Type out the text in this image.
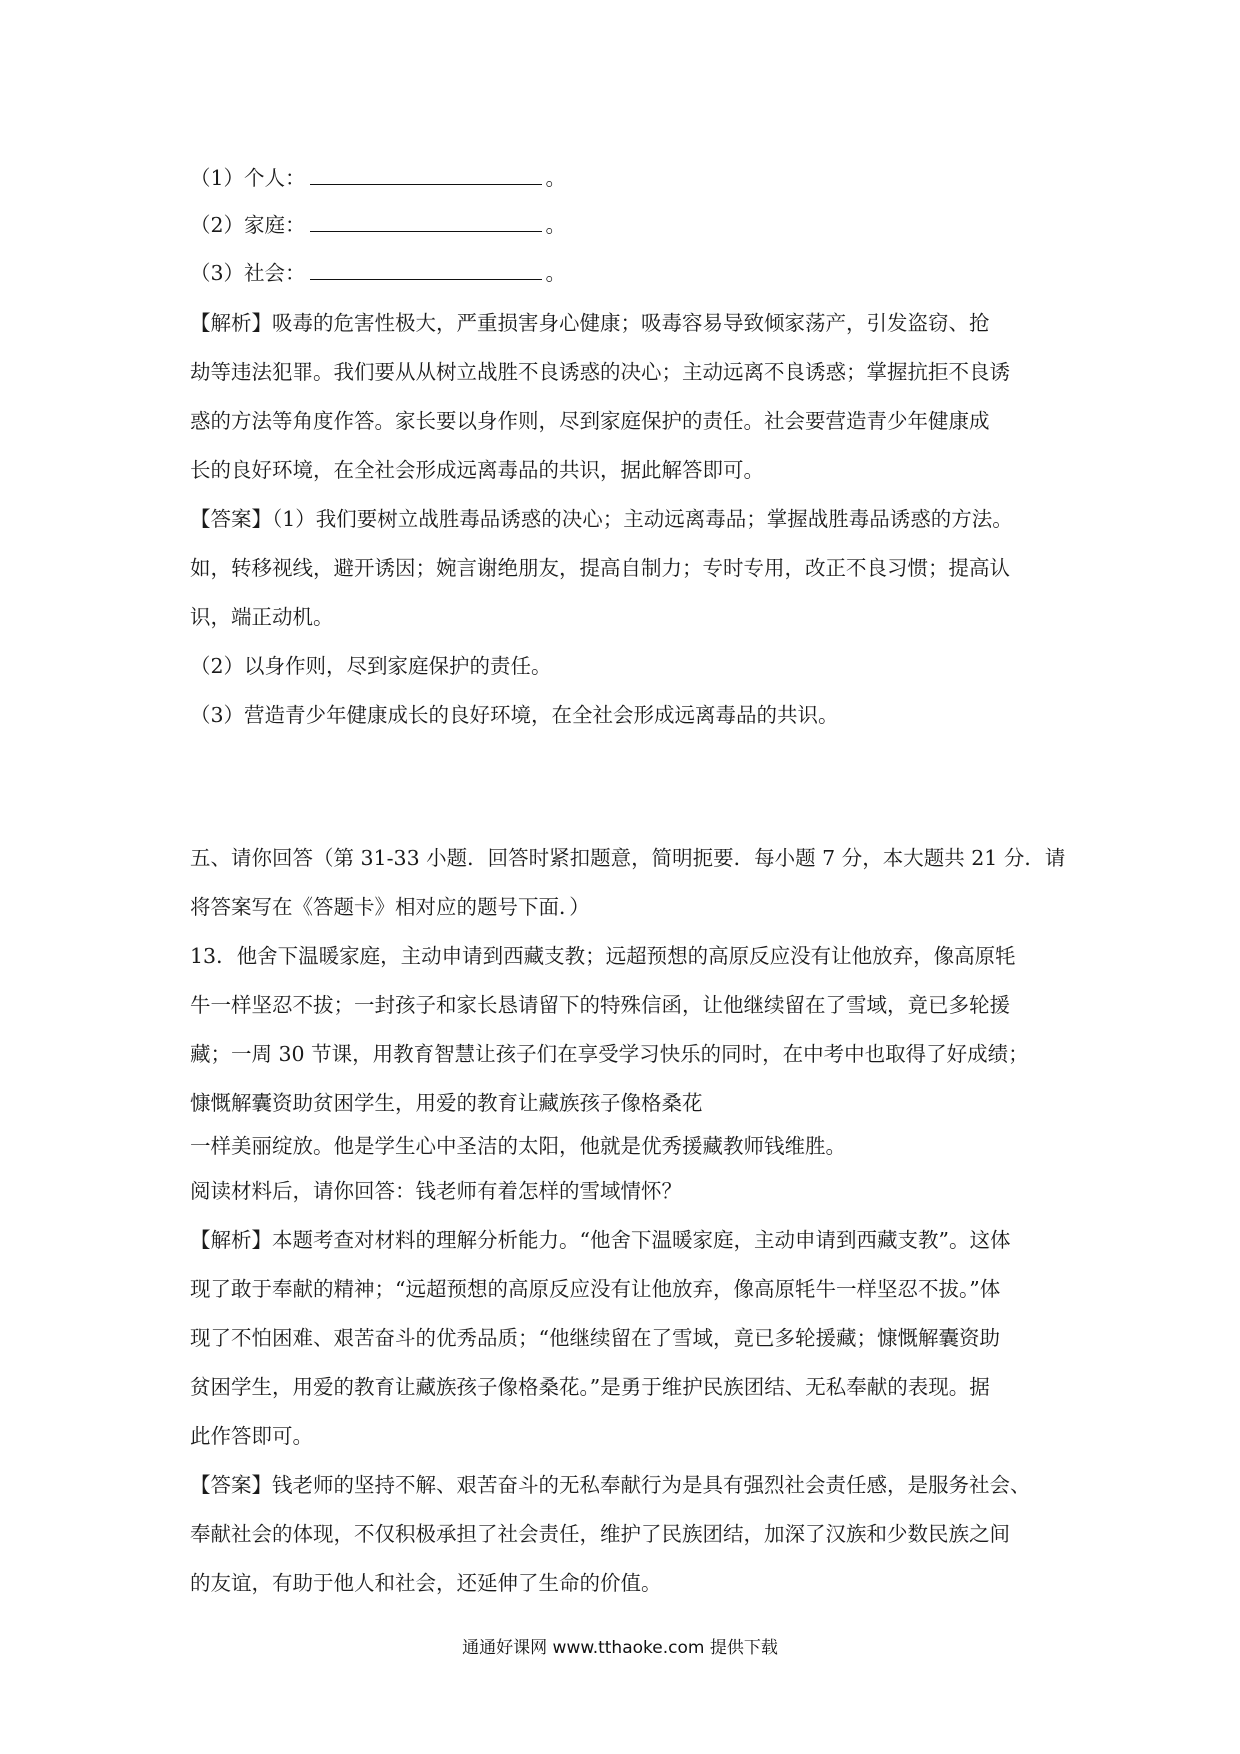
（1）个人：	。
（2）家庭：	。
（3）社会：	。
【解析】吸毒的危害性极大，严重损害身心健康；吸毒容易导致倾家荡产，引发盗窃、抢
劫等违法犯罪。我们要从从树立战胜不良诱惑的决心；主动远离不良诱惑；掌握抗拒不良诱
惑的方法等角度作答。家长要以身作则，尽到家庭保护的责任。社会要营造青少年健康成
长的良好环境，在全社会形成远离毒品的共识，据此解答即可。
【答案】（1）我们要树立战胜毒品诱惑的决心；主动远离毒品；掌握战胜毒品诱惑的方法。
如，转移视线，避开诱因；婉言谢绝朋友，提高自制力；专时专用，改正不良习惯；提高认
识，端正动机。
（2）以身作则，尽到家庭保护的责任。
（3）营造青少年健康成长的良好环境，在全社会形成远离毒品的共识。
五、请你回答（第 31-33 小题．回答时紧扣题意，简明扼要．每小题 7 分，本大题共 21 分．请
将答案写在《答题卡》相对应的题号下面．）
13．他舍下温暖家庭，主动申请到西藏支教；远超预想的高原反应没有让他放弃，像高原牦
牛一样坚忍不拔；一封孩子和家长恳请留下的特殊信函，让他继续留在了雪域，竟已多轮援
藏；一周 30 节课，用教育智慧让孩子们在享受学习快乐的同时，在中考中也取得了好成绩；
慷慨解囊资助贫困学生，用爱的教育让藏族孩子像格桑花
一样美丽绽放。他是学生心中圣洁的太阳，他就是优秀援藏教师钱维胜。
阅读材料后，请你回答：钱老师有着怎样的雪域情怀？
【解析】本题考查对材料的理解分析能力。“他舍下温暖家庭，主动申请到西藏支教”。这体
现了敢于奉献的精神；“远超预想的高原反应没有让他放弃，像高原牦牛一样坚忍不拔。”体
现了不怕困难、艰苦奋斗的优秀品质；“他继续留在了雪域，竟已多轮援藏；慷慨解囊资助
贫困学生，用爱的教育让藏族孩子像格桑花。”是勇于维护民族团结、无私奉献的表现。据
此作答即可。
【答案】钱老师的坚持不解、艰苦奋斗的无私奉献行为是具有强烈社会责任感，是服务社会、
奉献社会的体现，不仅积极承担了社会责任，维护了民族团结，加深了汉族和少数民族之间
的友谊，有助于他人和社会，还延伸了生命的价值。
通通好课网 www.tthaoke.com 提供下载
